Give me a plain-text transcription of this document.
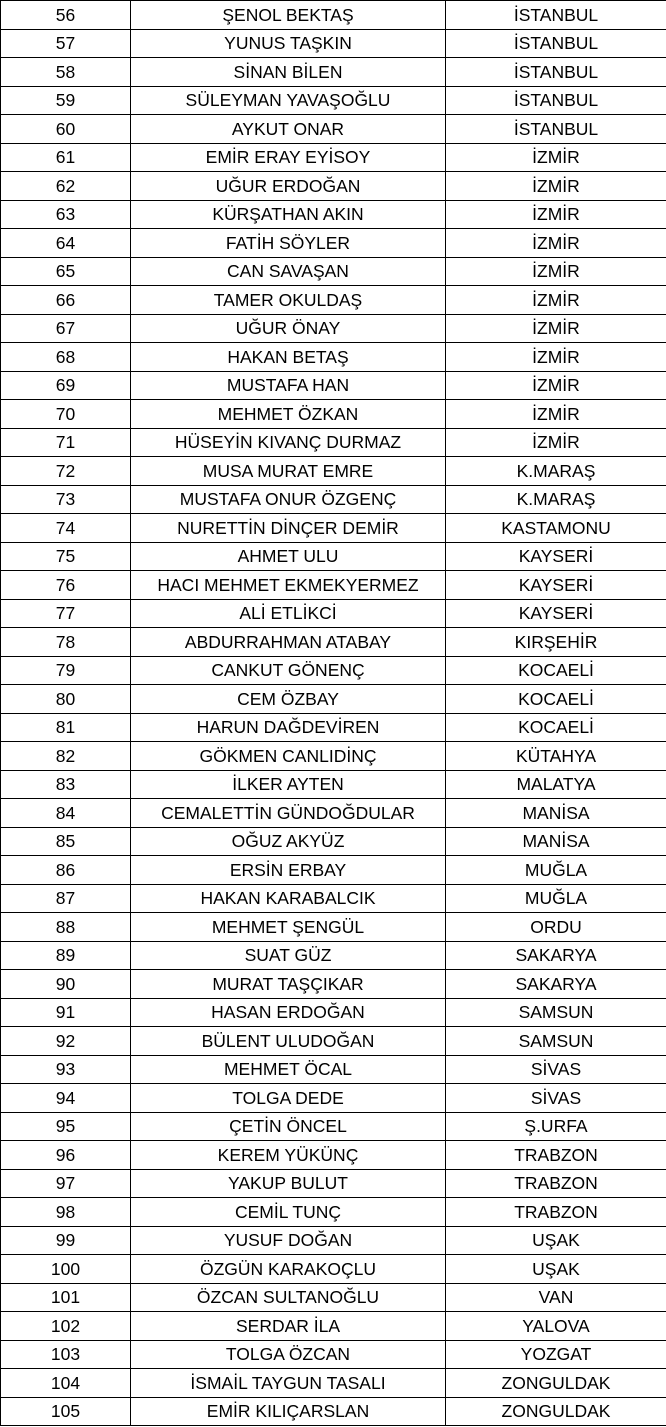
56	ŞENOL BEKTAŞ	İSTANBUL
57	YUNUS TAŞKIN	İSTANBUL
58	SİNAN BİLEN	İSTANBUL
59	SÜLEYMAN YAVAŞOĞLU	İSTANBUL
60	AYKUT ONAR	İSTANBUL
61	EMİR ERAY EYİSOY	İZMİR
62	UĞUR ERDOĞAN	İZMİR
63	KÜRŞATHAN AKIN	İZMİR
64	FATİH SÖYLER	İZMİR
65	CAN SAVAŞAN	İZMİR
66	TAMER OKULDAŞ	İZMİR
67	UĞUR ÖNAY	İZMİR
68	HAKAN BETAŞ	İZMİR
69	MUSTAFA HAN	İZMİR
70	MEHMET ÖZKAN	İZMİR
71	HÜSEYİN KIVANÇ DURMAZ	İZMİR
72	MUSA MURAT EMRE	K.MARAŞ
73	MUSTAFA ONUR ÖZGENÇ	K.MARAŞ
74	NURETTİN DİNÇER DEMİR	KASTAMONU
75	AHMET ULU	KAYSERİ
76	HACI MEHMET EKMEKYERMEZ	KAYSERİ
77	ALİ ETLİKCİ	KAYSERİ
78	ABDURRAHMAN ATABAY	KIRŞEHİR
79	CANKUT GÖNENÇ	KOCAELİ
80	CEM ÖZBAY	KOCAELİ
81	HARUN DAĞDEVİREN	KOCAELİ
82	GÖKMEN CANLIDİNÇ	KÜTAHYA
83	İLKER AYTEN	MALATYA
84	CEMALETTİN GÜNDOĞDULAR	MANİSA
85	OĞUZ AKYÜZ	MANİSA
86	ERSİN ERBAY	MUĞLA
87	HAKAN KARABALCIK	MUĞLA
88	MEHMET ŞENGÜL	ORDU
89	SUAT GÜZ	SAKARYA
90	MURAT TAŞÇIKAR	SAKARYA
91	HASAN ERDOĞAN	SAMSUN
92	BÜLENT ULUDOĞAN	SAMSUN
93	MEHMET ÖCAL	SİVAS
94	TOLGA DEDE	SİVAS
95	ÇETİN ÖNCEL	Ş.URFA
96	KEREM YÜKÜNÇ	TRABZON
97	YAKUP BULUT	TRABZON
98	CEMİL TUNÇ	TRABZON
99	YUSUF DOĞAN	UŞAK
100	ÖZGÜN KARAKOÇLU	UŞAK
101	ÖZCAN SULTANOĞLU	VAN
102	SERDAR İLA	YALOVA
103	TOLGA ÖZCAN	YOZGAT
104	İSMAİL TAYGUN TASALI	ZONGULDAK
105	EMİR KILIÇARSLAN	ZONGULDAK
